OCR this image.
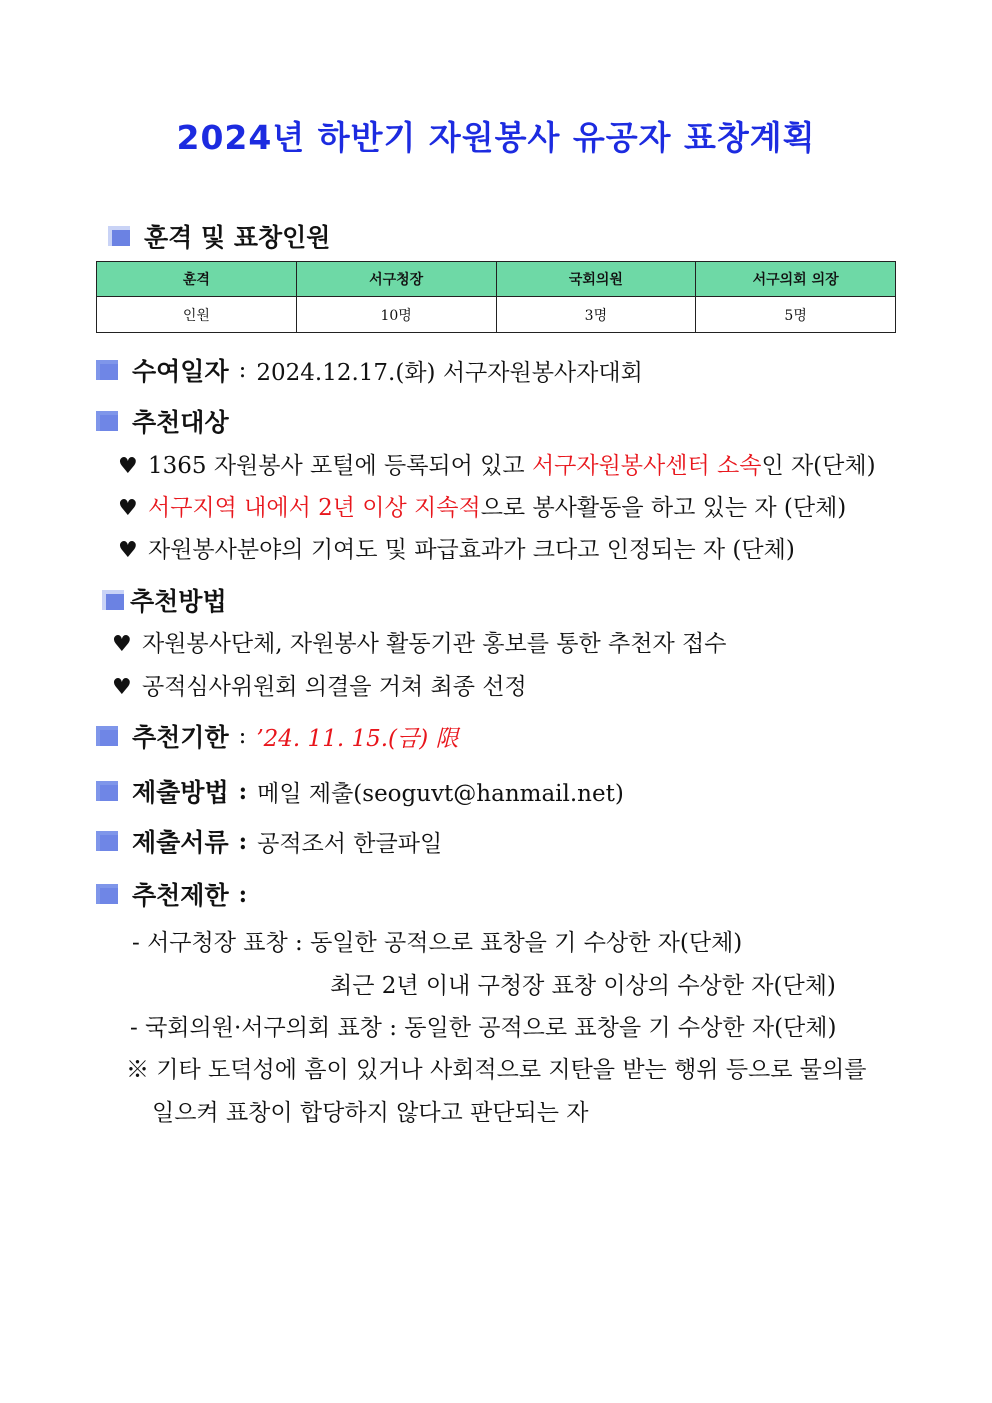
2024년 하반기 자원봉사 유공자 표창계획
훈격 및 표창인원
훈격	서구청장	국회의원	서구의회 의장
인원	10명	3명	5명
수여일자 : 2024.12.17.(화) 서구자원봉사자대회
추천대상
♥ 1365 자원봉사 포털에 등록되어 있고 서구자원봉사센터 소속인 자(단체)
♥ 서구지역 내에서 2년 이상 지속적으로 봉사활동을 하고 있는 자 (단체)
♥ 자원봉사분야의 기여도 및 파급효과가 크다고 인정되는 자 (단체)
추천방법
♥ 자원봉사단체, 자원봉사 활동기관 홍보를 통한 추천자 접수
♥ 공적심사위원회 의결을 거쳐 최종 선정
추천기한 : ’24. 11. 15.(금) 限
제출방법 : 메일 제출(seoguvt@hanmail.net)
제출서류 : 공적조서 한글파일
추천제한 :
- 서구청장 표창 : 동일한 공적으로 표창을 기 수상한 자(단체)
최근 2년 이내 구청장 표창 이상의 수상한 자(단체)
- 국회의원·서구의회 표창 : 동일한 공적으로 표창을 기 수상한 자(단체)
※ 기타 도덕성에 흠이 있거나 사회적으로 지탄을 받는 행위 등으로 물의를
일으켜 표창이 합당하지 않다고 판단되는 자
